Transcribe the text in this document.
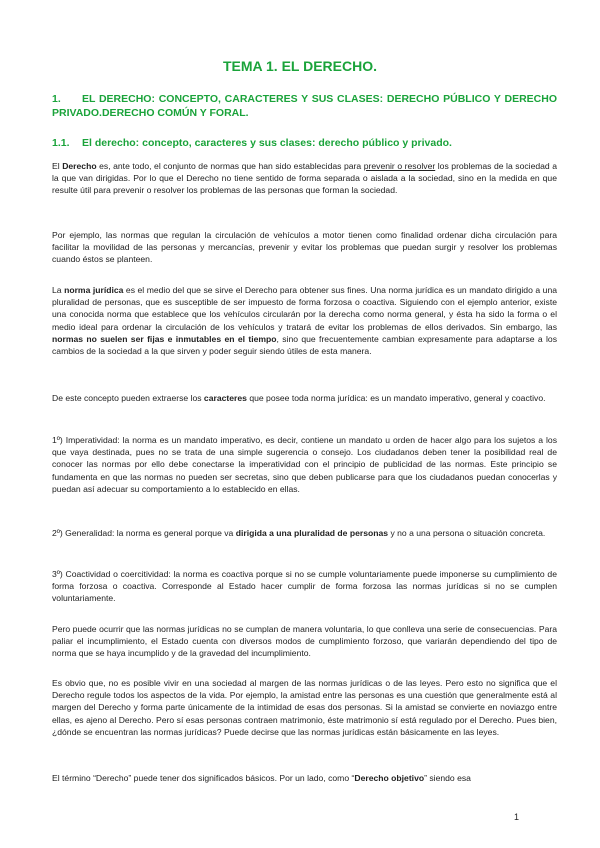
TEMA 1. EL DERECHO.
1. EL DERECHO: CONCEPTO, CARACTERES Y SUS CLASES: DERECHO PÚBLICO Y DERECHO PRIVADO.DERECHO COMÚN Y FORAL.
1.1. El derecho: concepto, caracteres y sus clases: derecho público y privado.
El Derecho es, ante todo, el conjunto de normas que han sido establecidas para prevenir o resolver los problemas de la sociedad a la que van dirigidas. Por lo que el Derecho no tiene sentido de forma separada o aislada a la sociedad, sino en la medida en que resulte útil para prevenir o resolver los problemas de las personas que forman la sociedad.
Por ejemplo, las normas que regulan la circulación de vehículos a motor tienen como finalidad ordenar dicha circulación para facilitar la movilidad de las personas y mercancías, prevenir y evitar los problemas que puedan surgir y resolver los problemas cuando éstos se planteen.
La norma jurídica es el medio del que se sirve el Derecho para obtener sus fines. Una norma jurídica es un mandato dirigido a una pluralidad de personas, que es susceptible de ser impuesto de forma forzosa o coactiva. Siguiendo con el ejemplo anterior, existe una conocida norma que establece que los vehículos circularán por la derecha como norma general, y ésta ha sido la forma o el medio ideal para ordenar la circulación de los vehículos y tratará de evitar los problemas de ellos derivados. Sin embargo, las normas no suelen ser fijas e inmutables en el tiempo, sino que frecuentemente cambian expresamente para adaptarse a los cambios de la sociedad a la que sirven y poder seguir siendo útiles de esta manera.
De este concepto pueden extraerse los caracteres que posee toda norma jurídica: es un mandato imperativo, general y coactivo.
1º) Imperatividad: la norma es un mandato imperativo, es decir, contiene un mandato u orden de hacer algo para los sujetos a los que vaya destinada, pues no se trata de una simple sugerencia o consejo. Los ciudadanos deben tener la posibilidad real de conocer las normas por ello debe conectarse la imperatividad con el principio de publicidad de las normas. Este principio se fundamenta en que las normas no pueden ser secretas, sino que deben publicarse para que los ciudadanos puedan conocerlas y puedan así adecuar su comportamiento a lo establecido en ellas.
2º) Generalidad: la norma es general porque va dirigida a una pluralidad de personas y no a una persona o situación concreta.
3º) Coactividad o coercitividad: la norma es coactiva porque si no se cumple voluntariamente puede imponerse su cumplimiento de forma forzosa o coactiva. Corresponde al Estado hacer cumplir de forma forzosa las normas jurídicas si no se cumplen voluntariamente.
Pero puede ocurrir que las normas jurídicas no se cumplan de manera voluntaria, lo que conlleva una serie de consecuencias. Para paliar el incumplimiento, el Estado cuenta con diversos modos de cumplimiento forzoso, que variarán dependiendo del tipo de norma que se haya incumplido y de la gravedad del incumplimiento.
Es obvio que, no es posible vivir en una sociedad al margen de las normas jurídicas o de las leyes. Pero esto no significa que el Derecho regule todos los aspectos de la vida. Por ejemplo, la amistad entre las personas es una cuestión que generalmente está al margen del Derecho y forma parte únicamente de la intimidad de esas dos personas. Si la amistad se convierte en noviazgo entre ellas, es ajeno al Derecho. Pero sí esas personas contraen matrimonio, éste matrimonio sí está regulado por el Derecho. Pues bien, ¿dónde se encuentran las normas jurídicas? Puede decirse que las normas jurídicas están básicamente en las leyes.
El término “Derecho” puede tener dos significados básicos. Por un lado, como “Derecho objetivo” siendo esa
1
